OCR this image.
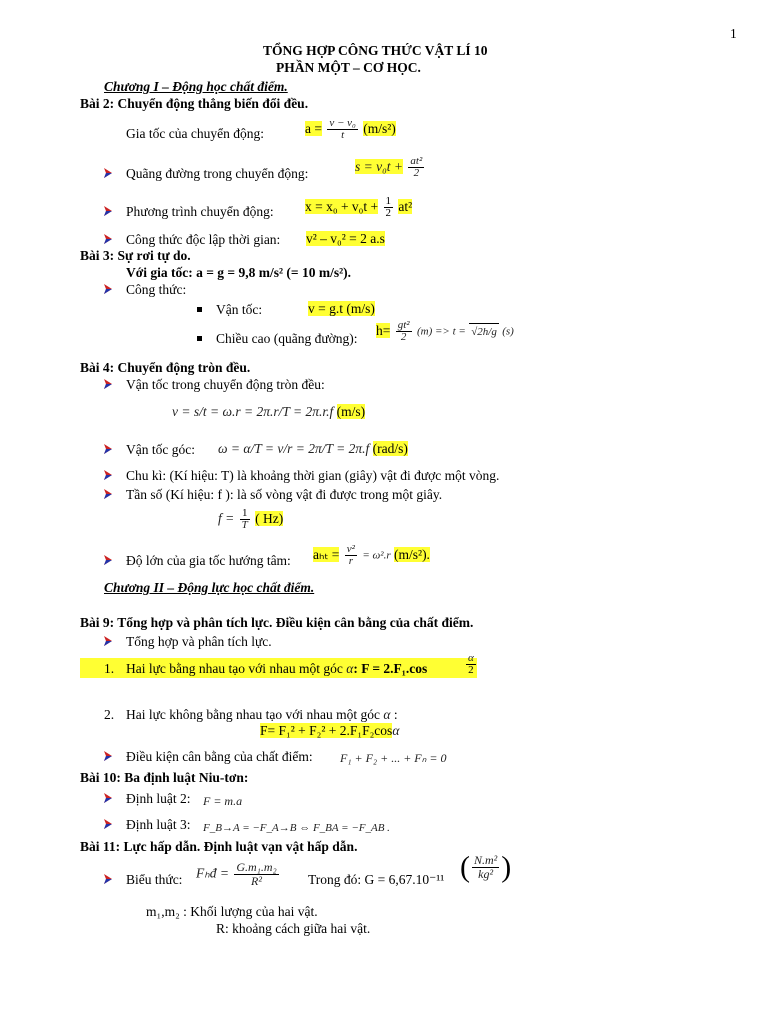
1
TỔNG HỢP CÔNG THỨC VẬT LÍ 10
PHẦN MỘT – CƠ HỌC.
Chương I – Động học chất điểm.
Bài 2: Chuyển động thẳng biến đổi đều.
Gia tốc của chuyển động:	$a = \frac{\text{v − v₀}}{t} (m/s^2)$
Quãng đường trong chuyển động:	$s = v_0t + \frac{\text{at²}}{2}$
Phương trình chuyển động: $x = x_0 + v_0t + \frac{1}{2} at^2$
Công thức độc lập thời gian: v² – v₀² = 2 a.s
Bài 3: Sự rơi tự do.
Với gia tốc: a = g = 9,8 m/s² (= 10 m/s²).
Công thức:
Vận tốc:	v = g.t (m/s)
Chiều cao (quãng đường):
$h= \frac{\text{gt²}}{2} (m) => t = √2h/g$ (s)
Bài 4: Chuyển động tròn đều.
Vận tốc trong chuyển động tròn đều:
v = s/t = ω.r = 2π.r/T = 2π.r.f (m/s)
Vận tốc góc: ω = α/T = v/r = 2π/T = 2π.f (rad/s)
Chu kì: (Kí hiệu: T) là khoảng thời gian (giây) vật đi được một vòng.
Tần số (Kí hiệu: f ): là số vòng vật đi được trong một giây.
$f = \frac{1}{T}$ ( Hz)
Độ lớn của gia tốc hướng tâm: $a_{ht} = \frac{\text{v²}}{r} = \omega^2.r$ (m/s²).
Chương II – Động lực học chất điểm.
Bài 9: Tổng hợp và phân tích lực. Điều kiện cân bằng của chất điểm.
Tổng hợp và phân tích lực.
1. Hai lực bằng nhau tạo với nhau một góc α: F = 2.F₁.cos	$\frac{\alpha}{2}$
2. Hai lực không bằng nhau tạo với nhau một góc α :
F= F₁² + F₂² + 2.F₁F₂cosα
Điều kiện cân bằng của chất điểm: F₁ + F₂ + ... + Fₙ = 0
Bài 10: Ba định luật Niu-tơn:
Định luật 2: F = m.a
Định luật 3: F_B→A = −F_A→B ⇔ F_BA = −F_AB .
Bài 11: Lực hấp dẫn. Định luật vạn vật hấp dẫn.
Biểu thức: Fₕđ = $\frac{\text{G.m₁.m₂}}{\text{R²}}$ Trong đó: G = 6,67.10⁻¹¹ ( $\frac{\text{N.m²}}{\text{kg²}}$ )
m₁,m₂ : Khối lượng của hai vật.
R: khoảng cách giữa hai vật.
